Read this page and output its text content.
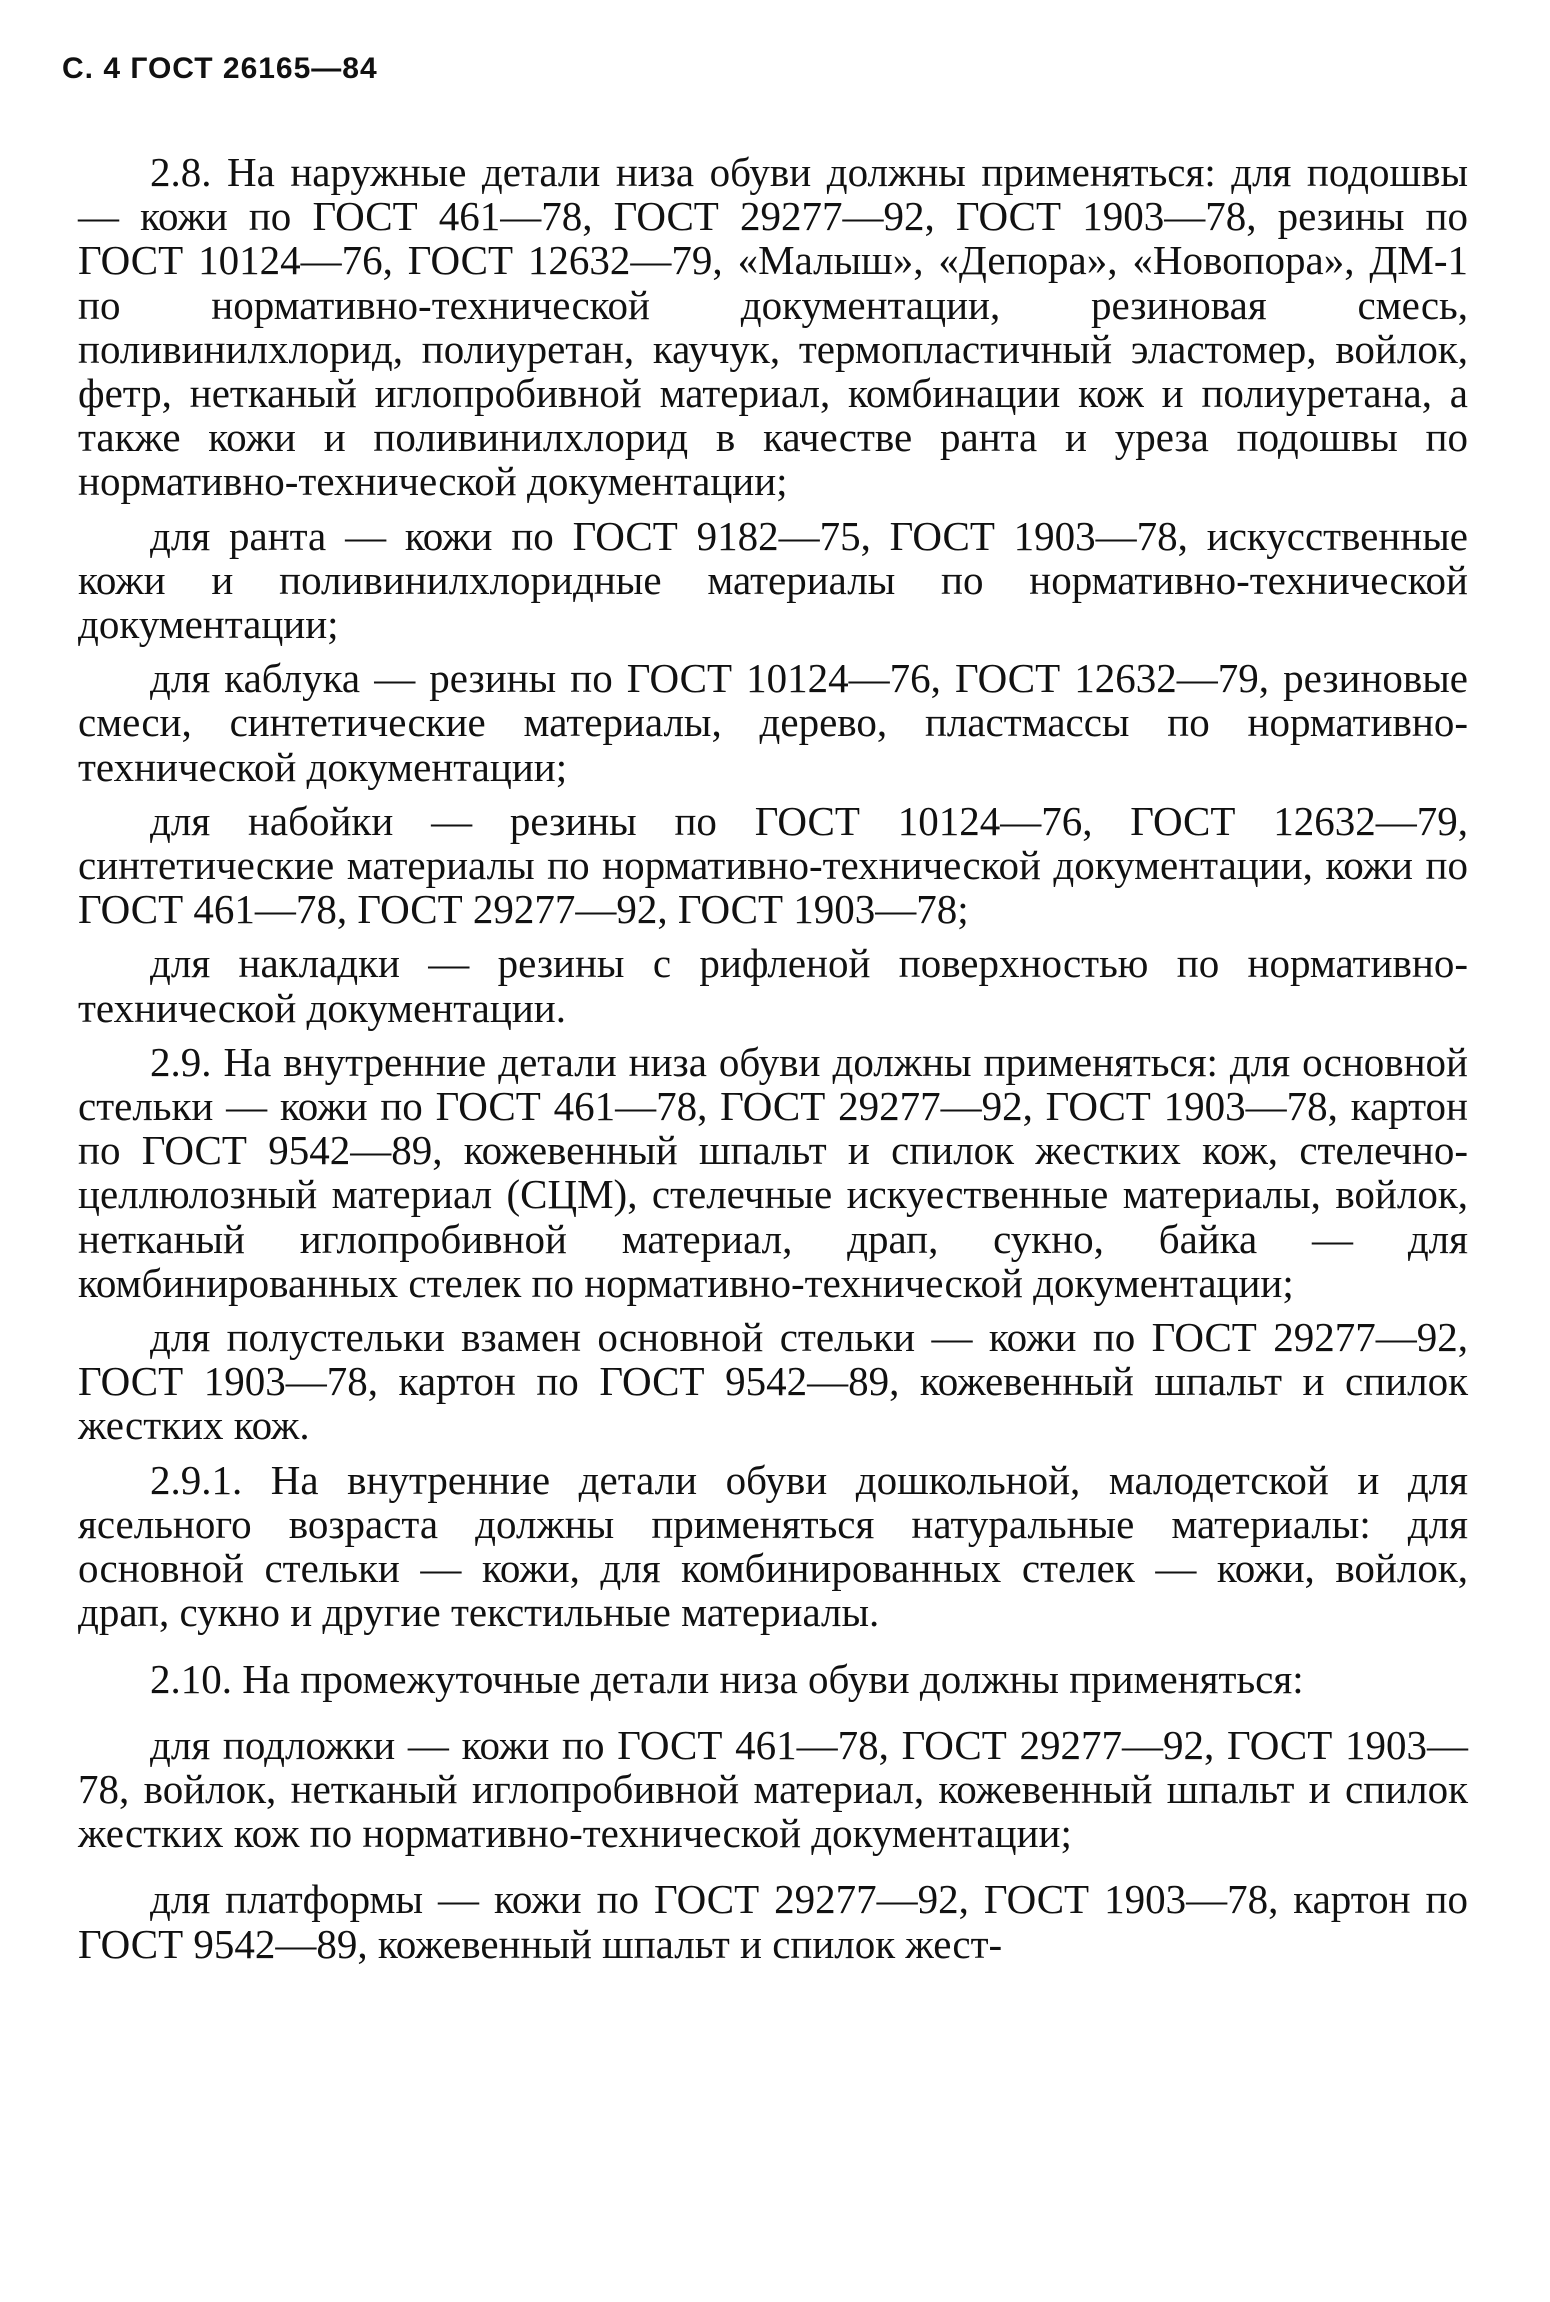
С. 4 ГОСТ 26165—84

2.8. На наружные детали низа обуви должны применяться: для подошвы — кожи по ГОСТ 461—78, ГОСТ 29277—92, ГОСТ 1903—78, резины по ГОСТ 10124—76, ГОСТ 12632—79, «Малыш», «Депора», «Новопора», ДМ-1 по нормативно-технической документации, резиновая смесь, поливинилхлорид, полиуретан, каучук, термопластичный эластомер, войлок, фетр, нетканый иглопробивной материал, комбинации кож и полиуретана, а также кожи и поливинилхлорид в качестве ранта и уреза подошвы по нормативно-технической документации;

для ранта — кожи по ГОСТ 9182—75, ГОСТ 1903—78, искусственные кожи и поливинилхлоридные материалы по нормативно-технической документации;

для каблука — резины по ГОСТ 10124—76, ГОСТ 12632—79, резиновые смеси, синтетические материалы, дерево, пластмассы по нормативно-технической документации;

для набойки — резины по ГОСТ 10124—76, ГОСТ 12632—79, синтетические материалы по нормативно-технической документации, кожи по ГОСТ 461—78, ГОСТ 29277—92, ГОСТ 1903—78;

для накладки — резины с рифленой поверхностью по нормативно-технической документации.

2.9. На внутренние детали низа обуви должны применяться: для основной стельки — кожи по ГОСТ 461—78, ГОСТ 29277—92, ГОСТ 1903—78, картон по ГОСТ 9542—89, кожевенный шпальт и спилок жестких кож, стелечно-целлюлозный материал (СЦМ), стелечные искуественные материалы, войлок, нетканый иглопробивной материал, драп, сукно, байка — для комбинированных стелек по нормативно-технической документации;

для полустельки взамен основной стельки — кожи по ГОСТ 29277—92, ГОСТ 1903—78, картон по ГОСТ 9542—89, кожевенный шпальт и спилок жестких кож.

2.9.1. На внутренние детали обуви дошкольной, малодетской и для ясельного возраста должны применяться натуральные материалы: для основной стельки — кожи, для комбинированных стелек — кожи, войлок, драп, сукно и другие текстильные материалы.

2.10. На промежуточные детали низа обуви должны применяться:

для подложки — кожи по ГОСТ 461—78, ГОСТ 29277—92, ГОСТ 1903—78, войлок, нетканый иглопробивной материал, кожевенный шпальт и спилок жестких кож по нормативно-технической документации;

для платформы — кожи по ГОСТ 29277—92, ГОСТ 1903—78, картон по ГОСТ 9542—89, кожевенный шпальт и спилок жест-
